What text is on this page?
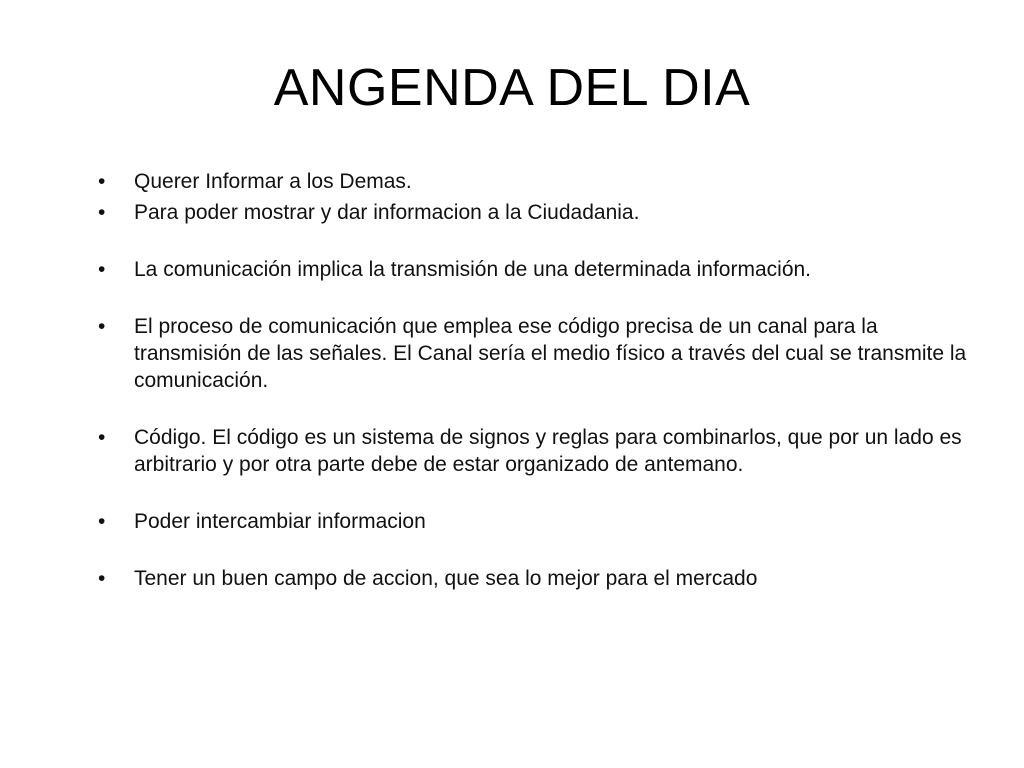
ANGENDA DEL DIA
•	Querer Informar a los Demas.
•	Para poder mostrar y dar informacion a la Ciudadania.
•	La comunicación implica la transmisión de una determinada información.
•	El proceso de comunicación que emplea ese código precisa de un canal para la transmisión de las señales. El Canal sería el medio físico a través del cual se transmite la comunicación.
•	Código. El código es un sistema de signos y reglas para combinarlos, que por un lado es arbitrario y por otra parte debe de estar organizado de antemano.
•	Poder intercambiar informacion
•	Tener un buen campo de accion, que sea lo mejor para el mercado
